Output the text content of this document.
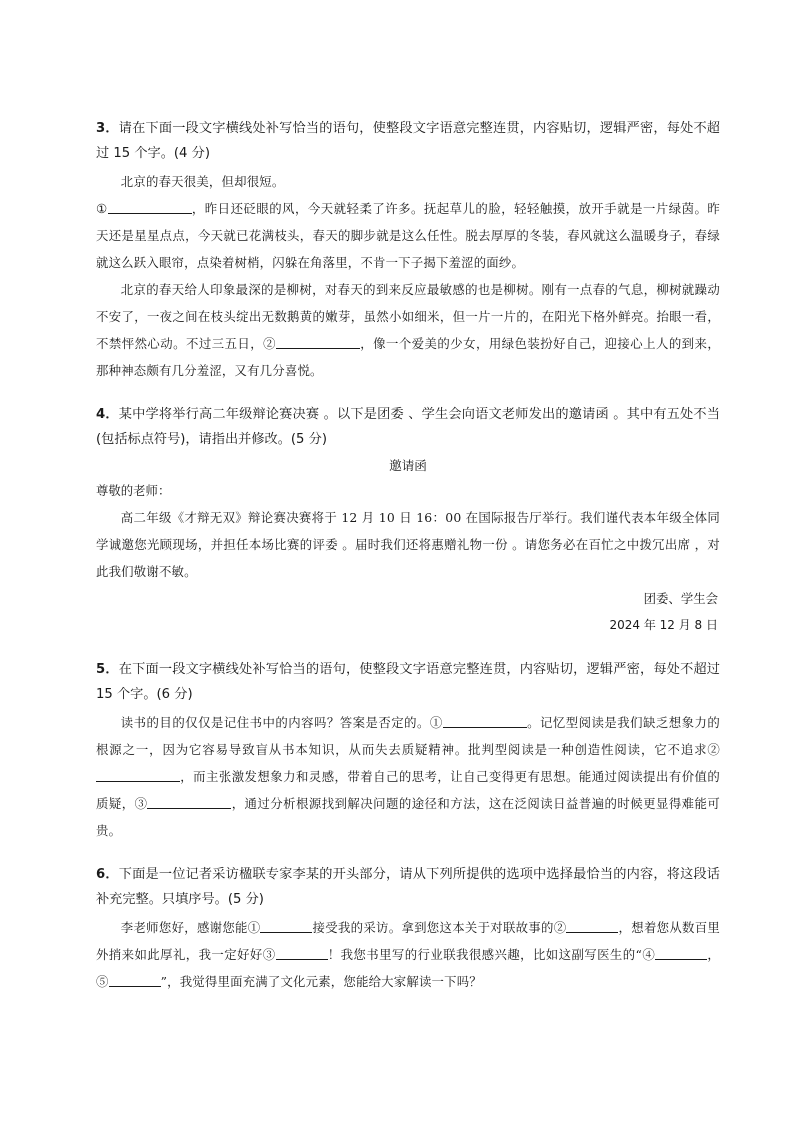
3．请在下面一段文字横线处补写恰当的语句，使整段文字语意完整连贯，内容贴切，逻辑严密，每处不超过 15 个字。(4 分)

北京的春天很美，但却很短。

①	，昨日还砭眼的风，今天就轻柔了许多。抚起草儿的脸，轻轻触摸，放开手就是一片绿茵。昨天还是星星点点，今天就已花满枝头，春天的脚步就是这么任性。脱去厚厚的冬装，春风就这么温暖身子，春绿就这么跃入眼帘，点染着树梢，闪躲在角落里，不肯一下子揭下羞涩的面纱。

北京的春天给人印象最深的是柳树，对春天的到来反应最敏感的也是柳树。刚有一点春的气息，柳树就躁动不安了，一夜之间在枝头绽出无数鹅黄的嫩芽，虽然小如细米，但一片一片的，在阳光下格外鲜亮。抬眼一看，不禁怦然心动。不过三五日，②	，像一个爱美的少女，用绿色装扮好自己，迎接心上人的到来，那种神态颇有几分羞涩，又有几分喜悦。

4．某中学将举行高二年级辩论赛决赛 。以下是团委 、学生会向语文老师发出的邀请函 。其中有五处不当(包括标点符号)，请指出并修改。(5 分)

邀请函

尊敬的老师：

高二年级《才辩无双》辩论赛决赛将于 12 月 10 日 16：00 在国际报告厅举行。我们谨代表本年级全体同学诚邀您光顾现场，并担任本场比赛的评委 。届时我们还将惠赠礼物一份 。请您务必在百忙之中拨冗出席 ，对此我们敬谢不敏。

团委、学生会

2024 年 12 月 8 日

5．在下面一段文字横线处补写恰当的语句，使整段文字语意完整连贯，内容贴切，逻辑严密，每处不超过 15 个字。(6 分)

读书的目的仅仅是记住书中的内容吗？答案是否定的。①	。记忆型阅读是我们缺乏想象力的根源之一，因为它容易导致盲从书本知识，从而失去质疑精神。批判型阅读是一种创造性阅读，它不追求②，而主张激发想象力和灵感，带着自己的思考，让自己变得更有思想。能通过阅读提出有价值的质疑，③	，通过分析根源找到解决问题的途径和方法，这在泛阅读日益普遍的时候更显得难能可贵。

6．下面是一位记者采访楹联专家李某的开头部分，请从下列所提供的选项中选择最恰当的内容，将这段话补充完整。只填序号。(5 分)

李老师您好，感谢您能①	接受我的采访。拿到您这本关于对联故事的②	，想着您从数百里外捎来如此厚礼，我一定好好③	！我您书里写的行业联我很感兴趣，比如这副写医生的“④	，⑤	”，我觉得里面充满了文化元素，您能给大家解读一下吗？
